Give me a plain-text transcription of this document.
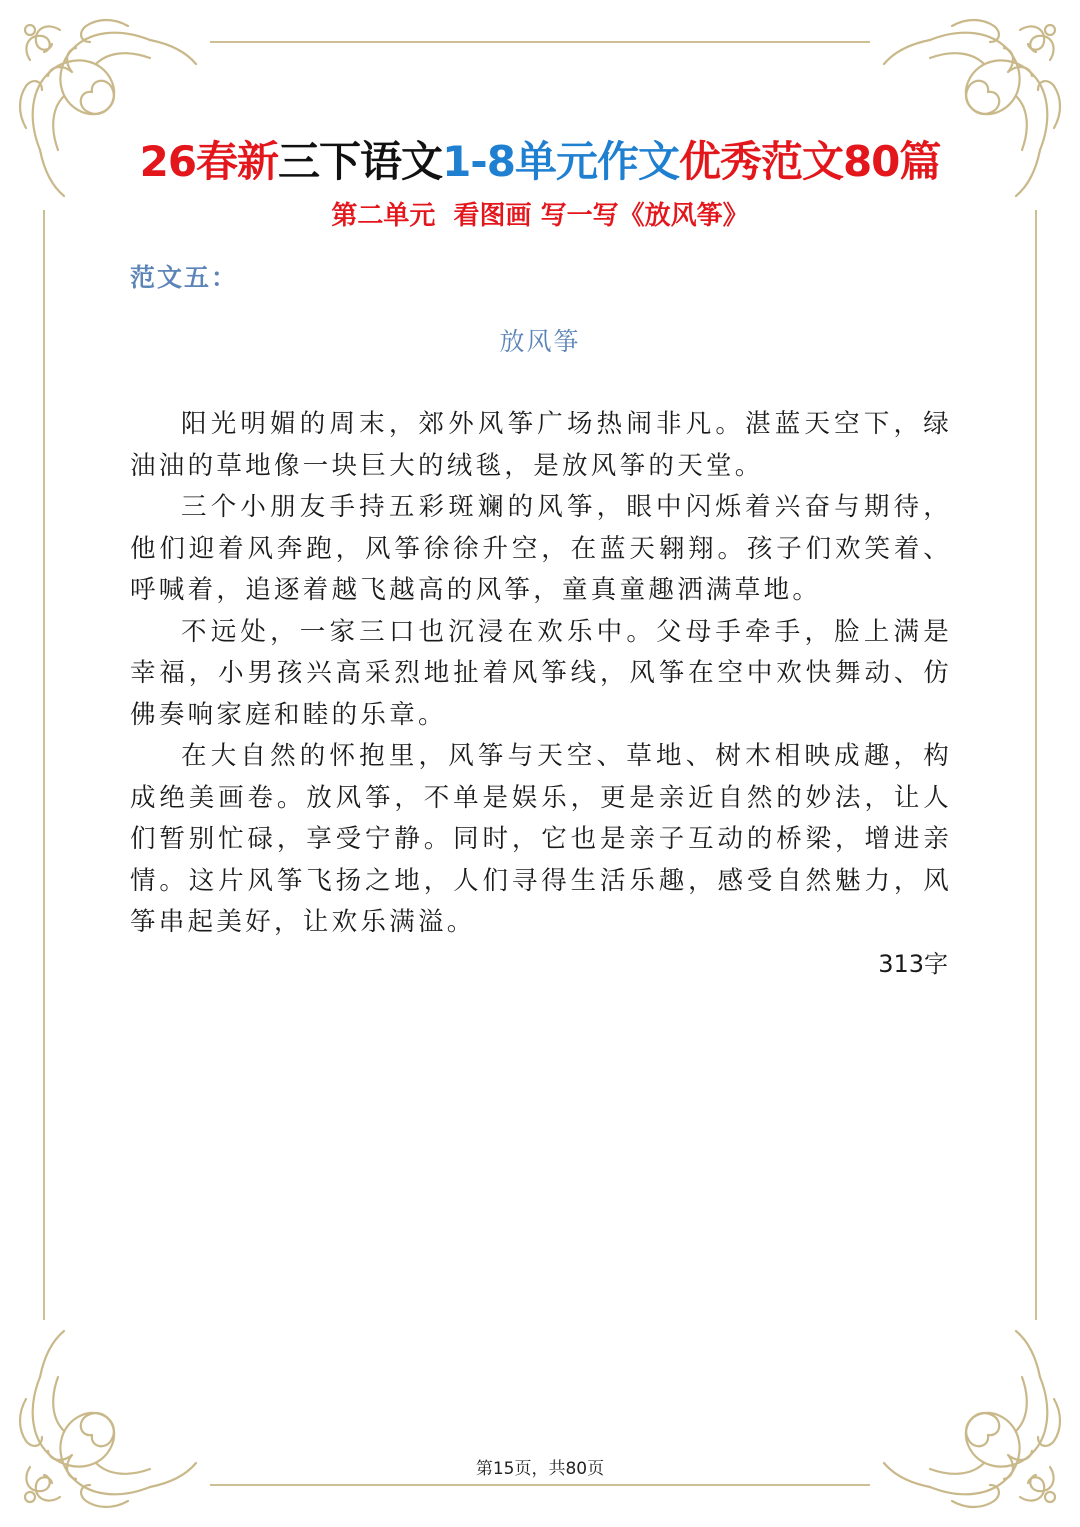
26春新三下语文1-8单元作文优秀范文80篇
第二单元  看图画 写一写《放风筝》
范文五：
放风筝

阳光明媚的周末，郊外风筝广场热闹非凡。湛蓝天空下，绿油油的草地像一块巨大的绒毯，是放风筝的天堂。

三个小朋友手持五彩斑斓的风筝，眼中闪烁着兴奋与期待，他们迎着风奔跑，风筝徐徐升空，在蓝天翱翔。孩子们欢笑着、呼喊着，追逐着越飞越高的风筝，童真童趣洒满草地。

不远处，一家三口也沉浸在欢乐中。父母手牵手，脸上满是幸福，小男孩兴高采烈地扯着风筝线，风筝在空中欢快舞动、仿佛奏响家庭和睦的乐章。

在大自然的怀抱里，风筝与天空、草地、树木相映成趣，构成绝美画卷。放风筝，不单是娱乐，更是亲近自然的妙法，让人们暂别忙碌，享受宁静。同时，它也是亲子互动的桥梁，增进亲情。这片风筝飞扬之地，人们寻得生活乐趣，感受自然魅力，风筝串起美好，让欢乐满溢。

313字
第15页，共80页
